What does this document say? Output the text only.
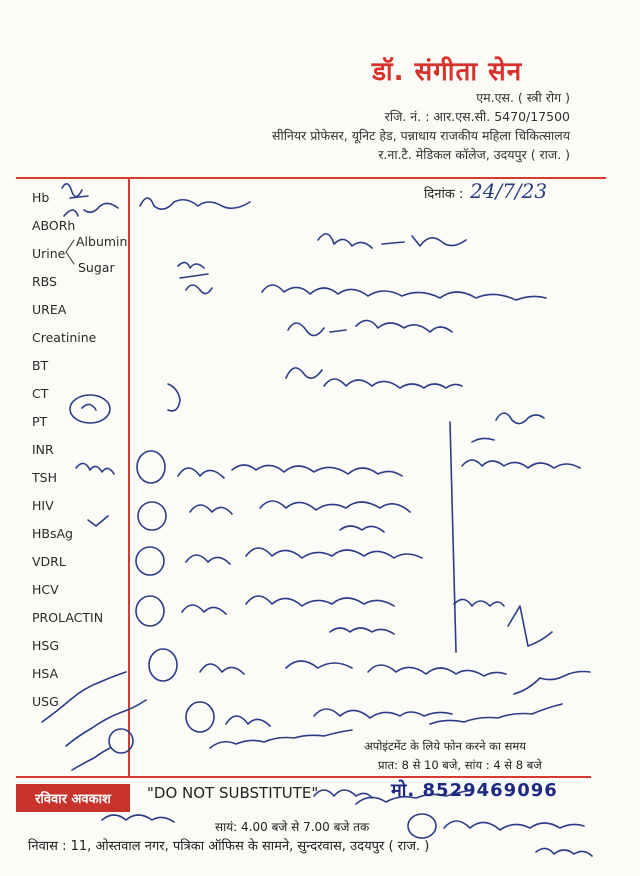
डॉ. संगीता सेन
एम.एस. ( स्त्री रोग )
रजि. नं. : आर.एस.सी. 5470/17500
सीनियर प्रोफेसर, यूनिट हेड, पन्नाधाय राजकीय महिला चिकित्सालय
र.ना.टै. मेडिकल कॉलेज, उदयपुर ( राज. )
दिनांक : 24/7/23
Hb
ABORh
Urine
Albumin
Sugar
RBS
UREA
Creatinine
BT
CT
PT
INR
TSH
HIV
HBsAg
VDRL
HCV
PROLACTIN
HSG
HSA
USG
अपोइंटमेंट के लिये फोन करने का समय
प्रात: 8 से 10 बजे, सांय : 4 से 8 बजे
मो. 8529469096
रविवार अवकाश	"DO NOT SUBSTITUTE"
सायं: 4.00 बजे से 7.00 बजे तक
निवास : 11, ओस्तवाल नगर, पत्रिका ऑफिस के सामने, सुन्दरवास, उदयपुर ( राज. )
